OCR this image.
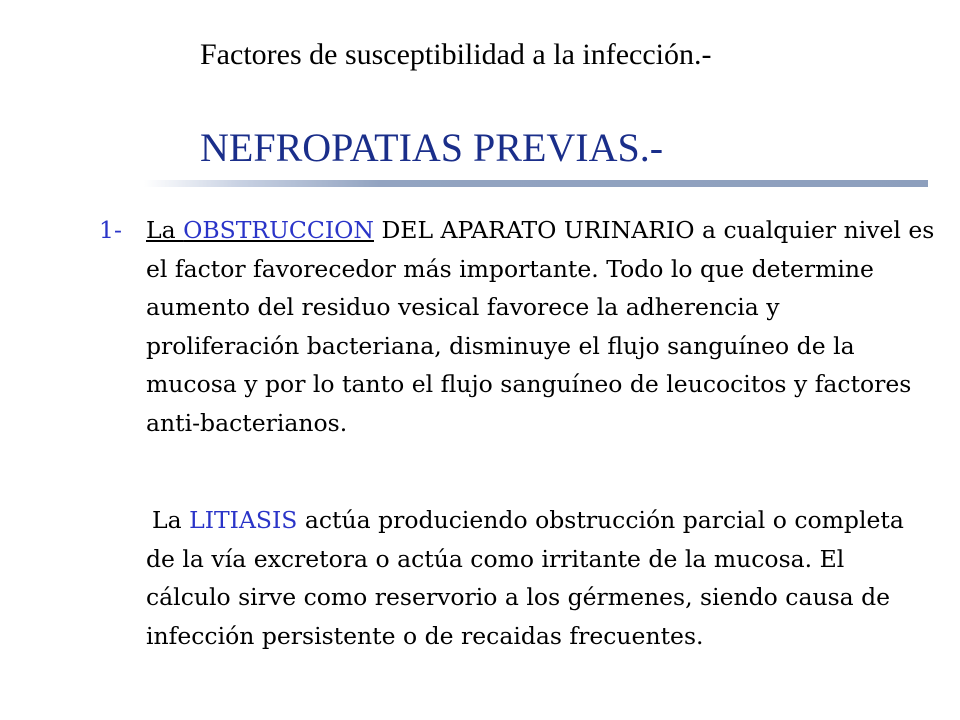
Factores de susceptibilidad a la infección.-
NEFROPATIAS PREVIAS.-

1- La OBSTRUCCION DEL APARATO URINARIO a cualquier nivel es el factor favorecedor más importante. Todo lo que determine aumento del residuo vesical favorece la adherencia y proliferación bacteriana, disminuye el flujo sanguíneo de la mucosa y por lo tanto el flujo sanguíneo de leucocitos y factores anti-bacterianos.

La LITIASIS actúa produciendo obstrucción parcial o completa de la vía excretora o actúa como irritante de la mucosa. El cálculo sirve como reservorio a los gérmenes, siendo causa de infección persistente o de recaidas frecuentes.
